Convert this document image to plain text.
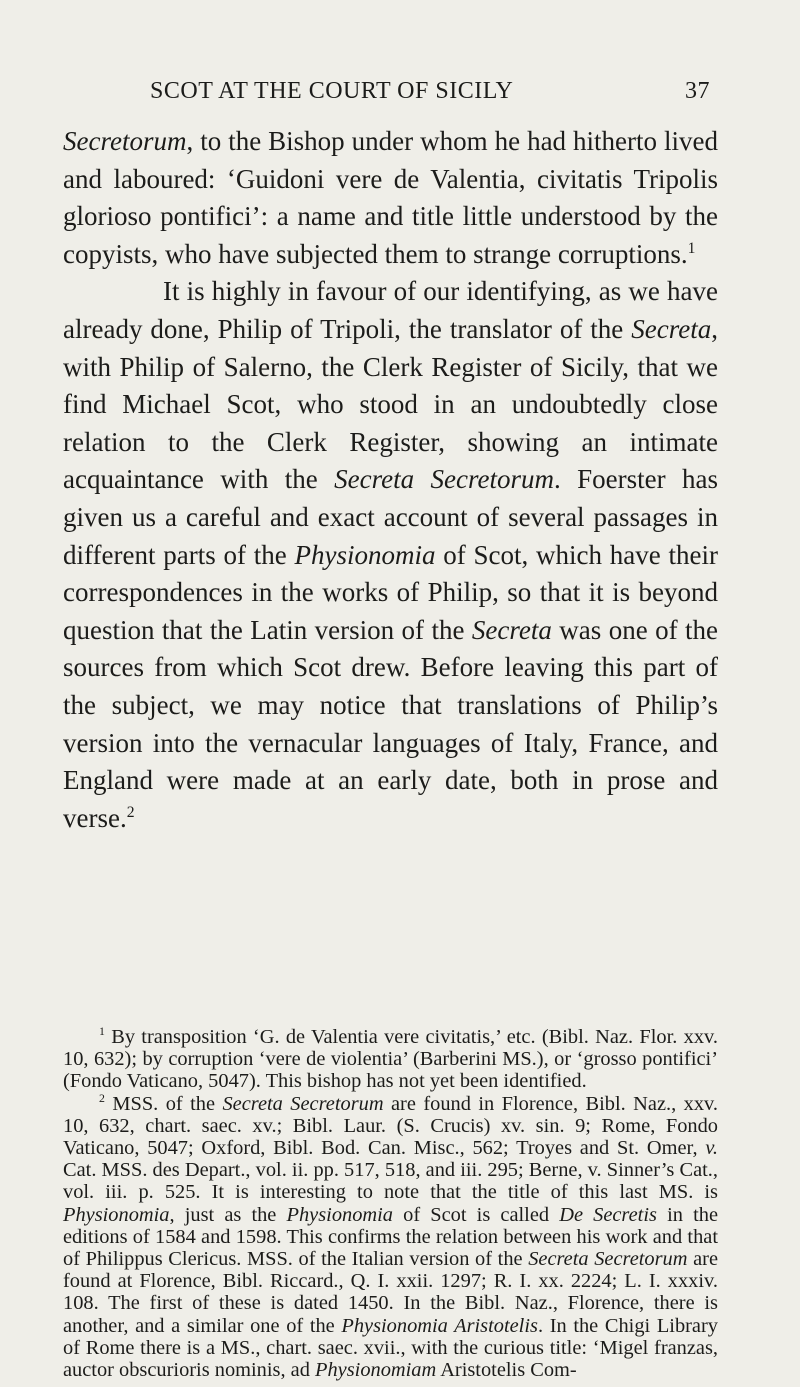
SCOT AT THE COURT OF SICILY	37

Secretorum, to the Bishop under whom he had hitherto lived and laboured: ‘Guidoni vere de Valentia, civitatis Tripolis glorioso pontifici’: a name and title little understood by the copyists, who have subjected them to strange corruptions.$^1$

It is highly in favour of our identifying, as we have already done, Philip of Tripoli, the translator of the Secreta, with Philip of Salerno, the Clerk Register of Sicily, that we find Michael Scot, who stood in an undoubtedly close relation to the Clerk Register, showing an intimate acquaintance with the Secreta Secretorum. Foerster has given us a careful and exact account of several passages in different parts of the Physionomia of Scot, which have their correspondences in the works of Philip, so that it is beyond question that the Latin version of the Secreta was one of the sources from which Scot drew. Before leaving this part of the subject, we may notice that translations of Philip’s version into the vernacular languages of Italy, France, and England were made at an early date, both in prose and verse.$^2$

$^1$ By transposition ‘G. de Valentia vere civitatis,’ etc. (Bibl. Naz. Flor. xxv. 10, 632); by corruption ‘vere de violentia’ (Barberini MS.), or ‘grosso pontifici’ (Fondo Vaticano, 5047). This bishop has not yet been identified.

$^2$ MSS. of the Secreta Secretorum are found in Florence, Bibl. Naz., xxv. 10, 632, chart. saec. xv.; Bibl. Laur. (S. Crucis) xv. sin. 9; Rome, Fondo Vaticano, 5047; Oxford, Bibl. Bod. Can. Misc., 562; Troyes and St. Omer, v. Cat. MSS. des Depart., vol. ii. pp. 517, 518, and iii. 295; Berne, v. Sinner’s Cat., vol. iii. p. 525. It is interesting to note that the title of this last MS. is Physionomia, just as the Physionomia of Scot is called De Secretis in the editions of 1584 and 1598. This confirms the relation between his work and that of Philippus Clericus. MSS. of the Italian version of the Secreta Secretorum are found at Florence, Bibl. Riccard., Q. I. xxii. 1297; R. I. xx. 2224; L. I. xxxiv. 108. The first of these is dated 1450. In the Bibl. Naz., Florence, there is another, and a similar one of the Physionomia Aristotelis. In the Chigi Library of Rome there is a MS., chart. saec. xvii., with the curious title: ‘Migel franzas, auctor obscurioris nominis, ad Physionomiam Aristotelis Com-
